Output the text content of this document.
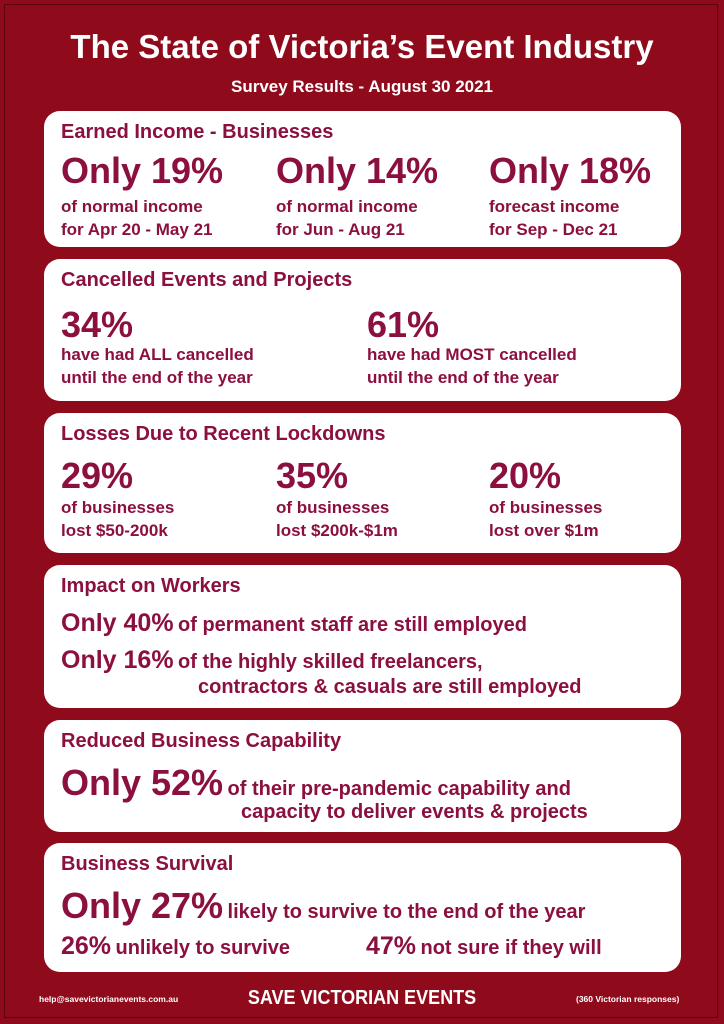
The State of Victoria’s Event Industry
Survey Results - August 30 2021
Earned Income - Businesses
Only 19%
of normal income
for Apr 20 - May 21
Only 14%
of normal income
for Jun - Aug 21
Only 18%
forecast income
for Sep - Dec 21
Cancelled Events and Projects
34%
have had ALL cancelled
until the end of the year
61%
have had MOST cancelled
until the end of the year
Losses Due to Recent Lockdowns
29%
of businesses
lost $50-200k
35%
of businesses
lost $200k-$1m
20%
of businesses
lost over $1m
Impact on Workers
Only 40% of permanent staff are still employed
Only 16% of the highly skilled freelancers,
contractors & casuals are still employed
Reduced Business Capability
Only 52% of their pre-pandemic capability and
capacity to deliver events & projects
Business Survival
Only 27% likely to survive to the end of the year
26% unlikely to survive	47% not sure if they will
help@savevictorianevents.com.au	SAVE VICTORIAN EVENTS	(360 Victorian responses)
